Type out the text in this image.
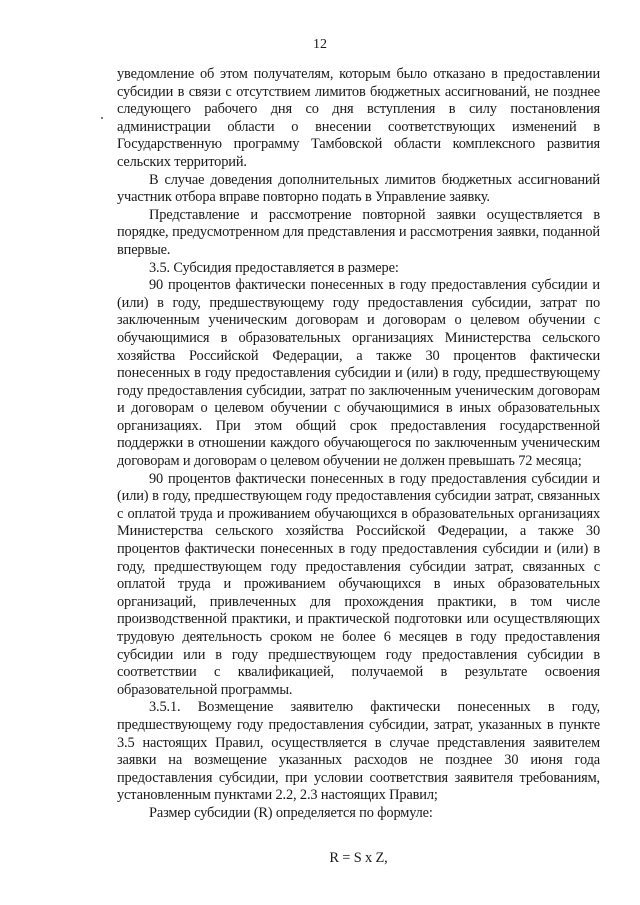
12

уведомление об этом получателям, которым было отказано в предоставлении субсидии в связи с отсутствием лимитов бюджетных ассигнований, не позднее следующего рабочего дня со дня вступления в силу постановления администрации области о внесении соответствующих изменений в Государственную программу Тамбовской области комплексного развития сельских территорий.

В случае доведения дополнительных лимитов бюджетных ассигнований участник отбора вправе повторно подать в Управление заявку.

Представление и рассмотрение повторной заявки осуществляется в порядке, предусмотренном для представления и рассмотрения заявки, поданной впервые.

3.5. Субсидия предоставляется в размере:

90 процентов фактически понесенных в году предоставления субсидии и (или) в году, предшествующему году предоставления субсидии, затрат по заключенным ученическим договорам и договорам о целевом обучении с обучающимися в образовательных организациях Министерства сельского хозяйства Российской Федерации, а также 30 процентов фактически понесенных в году предоставления субсидии и (или) в году, предшествующему году предоставления субсидии, затрат по заключенным ученическим договорам и договорам о целевом обучении с обучающимися в иных образовательных организациях. При этом общий срок предоставления государственной поддержки в отношении каждого обучающегося по заключенным ученическим договорам и договорам о целевом обучении не должен превышать 72 месяца;

90 процентов фактически понесенных в году предоставления субсидии и (или) в году, предшествующем году предоставления субсидии затрат, связанных с оплатой труда и проживанием обучающихся в образовательных организациях Министерства сельского хозяйства Российской Федерации, а также 30 процентов фактически понесенных в году предоставления субсидии и (или) в году, предшествующем году предоставления субсидии затрат, связанных с оплатой труда и проживанием обучающихся в иных образовательных организаций, привлеченных для прохождения практики, в том числе производственной практики, и практической подготовки или осуществляющих трудовую деятельность сроком не более 6 месяцев в году предоставления субсидии или в году предшествующем году предоставления субсидии в соответствии с квалификацией, получаемой в результате освоения образовательной программы.

3.5.1. Возмещение заявителю фактически понесенных в году, предшествующему году предоставления субсидии, затрат, указанных в пункте 3.5 настоящих Правил, осуществляется в случае представления заявителем заявки на возмещение указанных расходов не позднее 30 июня года предоставления субсидии, при условии соответствия заявителя требованиям, установленным пунктами 2.2, 2.3 настоящих Правил;

Размер субсидии (R) определяется по формуле:

R = S x Z,
